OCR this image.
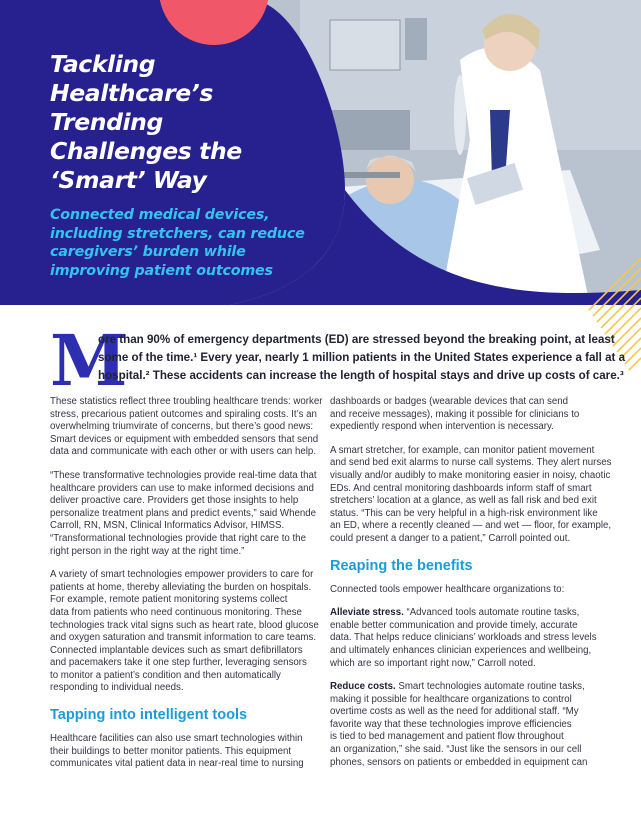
Tackling
Healthcare’s
Trending
Challenges the
‘Smart’ Way
Connected medical devices,
including stretchers, can reduce
caregivers’ burden while
improving patient outcomes
M
ore than 90% of emergency departments (ED) are stressed beyond the breaking point, at least
some of the time.¹ Every year, nearly 1 million patients in the United States experience a fall at a
hospital.² These accidents can increase the length of hospital stays and drive up costs of care.³

These statistics reflect three troubling healthcare trends: worker
stress, precarious patient outcomes and spiraling costs. It’s an
overwhelming triumvirate of concerns, but there’s good news:
Smart devices or equipment with embedded sensors that send
data and communicate with each other or with users can help.

“These transformative technologies provide real-time data that
healthcare providers can use to make informed decisions and
deliver proactive care. Providers get those insights to help
personalize treatment plans and predict events,” said Whende
Carroll, RN, MSN, Clinical Informatics Advisor, HIMSS.
“Transformational technologies provide that right care to the
right person in the right way at the right time.”

A variety of smart technologies empower providers to care for
patients at home, thereby alleviating the burden on hospitals.
For example, remote patient monitoring systems collect
data from patients who need continuous monitoring. These
technologies track vital signs such as heart rate, blood glucose
and oxygen saturation and transmit information to care teams.
Connected implantable devices such as smart defibrillators
and pacemakers take it one step further, leveraging sensors
to monitor a patient’s condition and then automatically
responding to individual needs.

Tapping into intelligent tools

Healthcare facilities can also use smart technologies within
their buildings to better monitor patients. This equipment
communicates vital patient data in near-real time to nursing

dashboards or badges (wearable devices that can send
and receive messages), making it possible for clinicians to
expediently respond when intervention is necessary.

A smart stretcher, for example, can monitor patient movement
and send bed exit alarms to nurse call systems. They alert nurses
visually and/or audibly to make monitoring easier in noisy, chaotic
EDs. And central monitoring dashboards inform staff of smart
stretchers’ location at a glance, as well as fall risk and bed exit
status. “This can be very helpful in a high-risk environment like
an ED, where a recently cleaned — and wet — floor, for example,
could present a danger to a patient,” Carroll pointed out.

Reaping the benefits

Connected tools empower healthcare organizations to:

Alleviate stress. “Advanced tools automate routine tasks,
enable better communication and provide timely, accurate
data. That helps reduce clinicians’ workloads and stress levels
and ultimately enhances clinician experiences and wellbeing,
which are so important right now,” Carroll noted.

Reduce costs. Smart technologies automate routine tasks,
making it possible for healthcare organizations to control
overtime costs as well as the need for additional staff. “My
favorite way that these technologies improve efficiencies
is tied to bed management and patient flow throughout
an organization,” she said. “Just like the sensors in our cell
phones, sensors on patients or embedded in equipment can
